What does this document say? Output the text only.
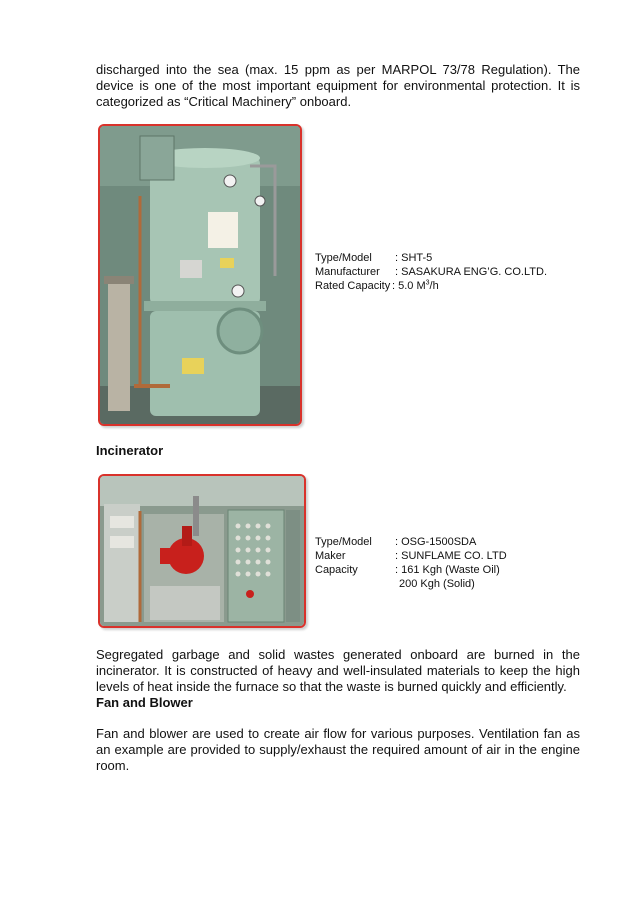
discharged into the sea (max. 15 ppm as per MARPOL 73/78 Regulation). The device is one of the most important equipment for environmental protection. It is categorized as “Critical Machinery” onboard.

Type/Model	: SHT-5
Manufacturer	: SASAKURA ENG’G. CO.LTD.
Rated Capacity : 5.0 $M^3/h$

Incinerator

Type/Model	: OSG-1500SDA
Maker	: SUNFLAME CO. LTD
Capacity	: 161 Kgh (Waste Oil)
200 Kgh (Solid)

Segregated garbage and solid wastes generated onboard are burned in the incinerator. It is constructed of heavy and well-insulated materials to keep the high levels of heat inside the furnace so that the waste is burned quickly and efficiently.

Fan and Blower

Fan and blower are used to create air flow for various purposes. Ventilation fan as an example are provided to supply/exhaust the required amount of air in the engine room.
